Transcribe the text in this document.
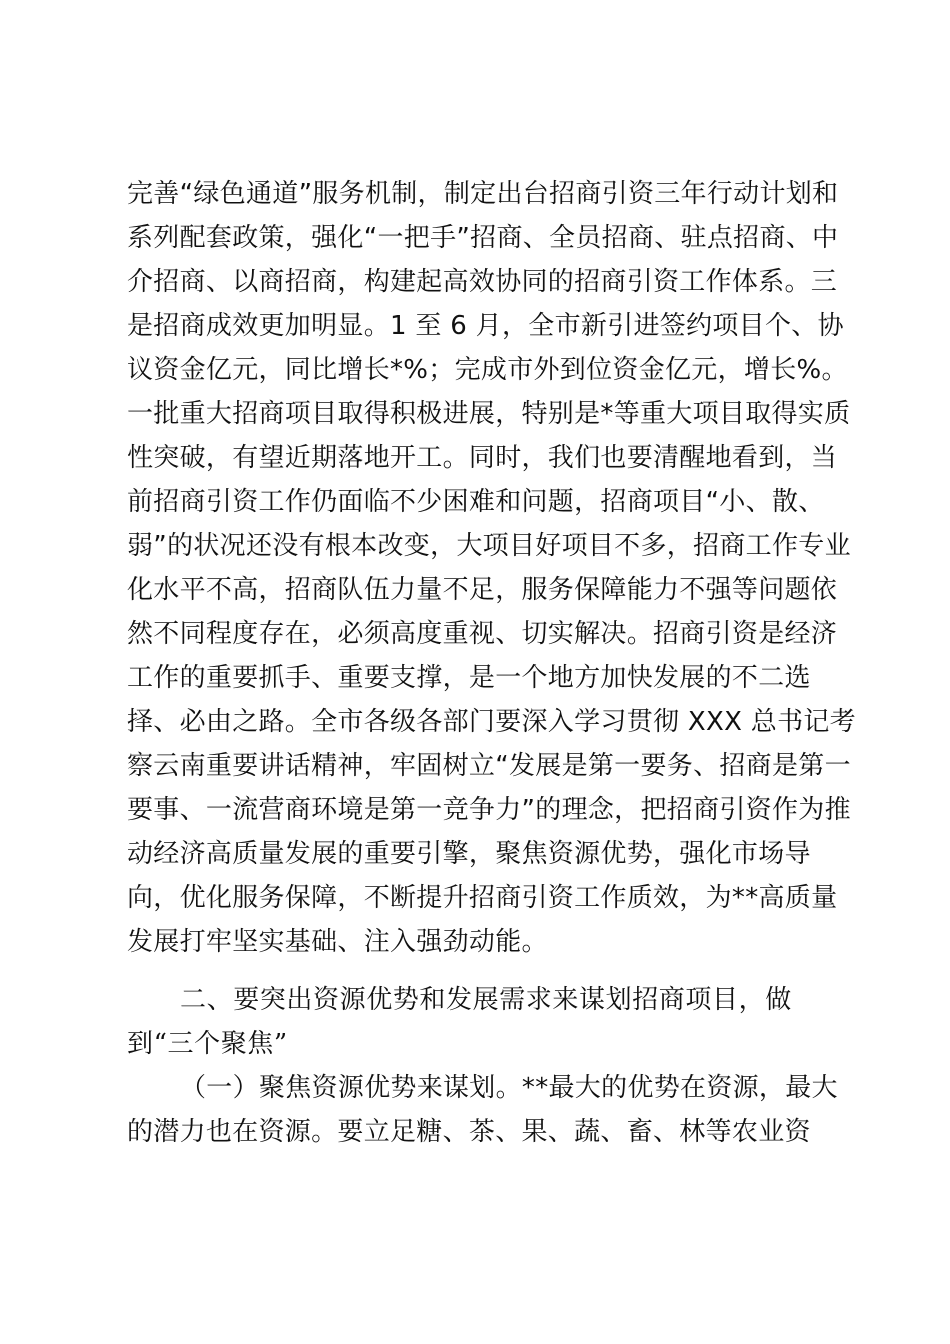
完善“绿色通道”服务机制，制定出台招商引资三年行动计划和
系列配套政策，强化“一把手”招商、全员招商、驻点招商、中
介招商、以商招商，构建起高效协同的招商引资工作体系。三
是招商成效更加明显。1 至 6 月，全市新引进签约项目个、协
议资金亿元，同比增长*%；完成市外到位资金亿元，增长%。
一批重大招商项目取得积极进展，特别是*等重大项目取得实质
性突破，有望近期落地开工。同时，我们也要清醒地看到，当
前招商引资工作仍面临不少困难和问题，招商项目“小、散、
弱”的状况还没有根本改变，大项目好项目不多，招商工作专业
化水平不高，招商队伍力量不足，服务保障能力不强等问题依
然不同程度存在，必须高度重视、切实解决。招商引资是经济
工作的重要抓手、重要支撑，是一个地方加快发展的不二选
择、必由之路。全市各级各部门要深入学习贯彻 XXX 总书记考
察云南重要讲话精神，牢固树立“发展是第一要务、招商是第一
要事、一流营商环境是第一竞争力”的理念，把招商引资作为推
动经济高质量发展的重要引擎，聚焦资源优势，强化市场导
向，优化服务保障，不断提升招商引资工作质效，为**高质量
发展打牢坚实基础、注入强劲动能。
二、要突出资源优势和发展需求来谋划招商项目，做
到“三个聚焦”
（一）聚焦资源优势来谋划。**最大的优势在资源，最大
的潜力也在资源。要立足糖、茶、果、蔬、畜、林等农业资
